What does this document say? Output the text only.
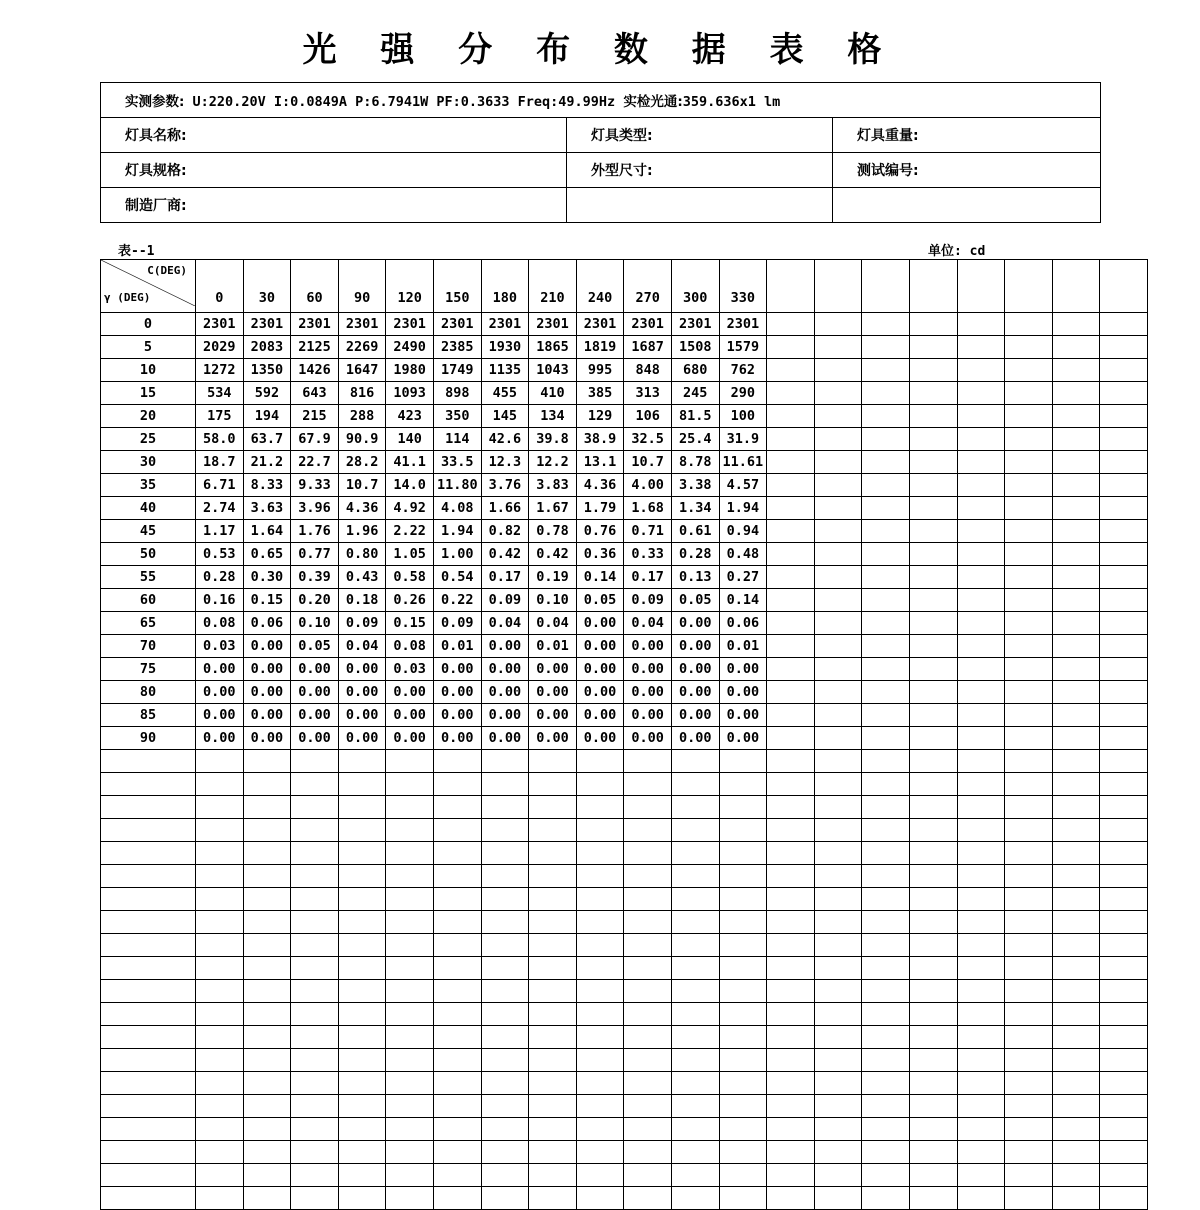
光 强 分 布 数 据 表 格
实测参数: U:220.20V I:0.0849A P:6.7941W PF:0.3633 Freq:49.99Hz 实检光通:359.636x1 lm		
灯具名称:	灯具类型:	灯具重量:
灯具规格:	外型尺寸:	测试编号:
制造厂商:		
表--1	单位: cd
C(DEG)
γ (DEG)	0	30	60	90	120	150	180	210	240	270	300	330								
0	2301	2301	2301	2301	2301	2301	2301	2301	2301	2301	2301	2301								
5	2029	2083	2125	2269	2490	2385	1930	1865	1819	1687	1508	1579								
10	1272	1350	1426	1647	1980	1749	1135	1043	995	848	680	762								
15	534	592	643	816	1093	898	455	410	385	313	245	290								
20	175	194	215	288	423	350	145	134	129	106	81.5	100								
25	58.0	63.7	67.9	90.9	140	114	42.6	39.8	38.9	32.5	25.4	31.9								
30	18.7	21.2	22.7	28.2	41.1	33.5	12.3	12.2	13.1	10.7	8.78	11.61								
35	6.71	8.33	9.33	10.7	14.0	11.80	3.76	3.83	4.36	4.00	3.38	4.57								
40	2.74	3.63	3.96	4.36	4.92	4.08	1.66	1.67	1.79	1.68	1.34	1.94								
45	1.17	1.64	1.76	1.96	2.22	1.94	0.82	0.78	0.76	0.71	0.61	0.94								
50	0.53	0.65	0.77	0.80	1.05	1.00	0.42	0.42	0.36	0.33	0.28	0.48								
55	0.28	0.30	0.39	0.43	0.58	0.54	0.17	0.19	0.14	0.17	0.13	0.27								
60	0.16	0.15	0.20	0.18	0.26	0.22	0.09	0.10	0.05	0.09	0.05	0.14								
65	0.08	0.06	0.10	0.09	0.15	0.09	0.04	0.04	0.00	0.04	0.00	0.06								
70	0.03	0.00	0.05	0.04	0.08	0.01	0.00	0.01	0.00	0.00	0.00	0.01								
75	0.00	0.00	0.00	0.00	0.03	0.00	0.00	0.00	0.00	0.00	0.00	0.00								
80	0.00	0.00	0.00	0.00	0.00	0.00	0.00	0.00	0.00	0.00	0.00	0.00								
85	0.00	0.00	0.00	0.00	0.00	0.00	0.00	0.00	0.00	0.00	0.00	0.00								
90	0.00	0.00	0.00	0.00	0.00	0.00	0.00	0.00	0.00	0.00	0.00	0.00								
